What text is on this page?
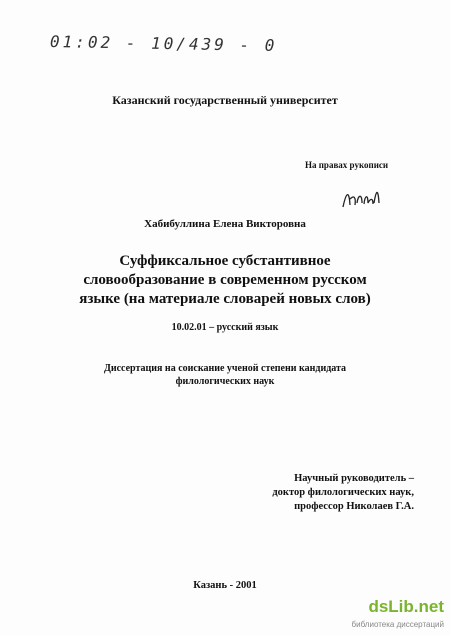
01:02 - 10/439 - 0
Казанский государственный университет
На правах рукописи
Хабибуллина Елена Викторовна
Суффиксальное субстантивное
словообразование в современном русском
языке (на материале словарей новых слов)
10.02.01 – русский язык
Диссертация на соискание ученой степени кандидата
филологических наук
Научный руководитель –
доктор филологических наук,
профессор Николаев Г.А.
Казань - 2001
dsLib.net
библиотека диссертаций
